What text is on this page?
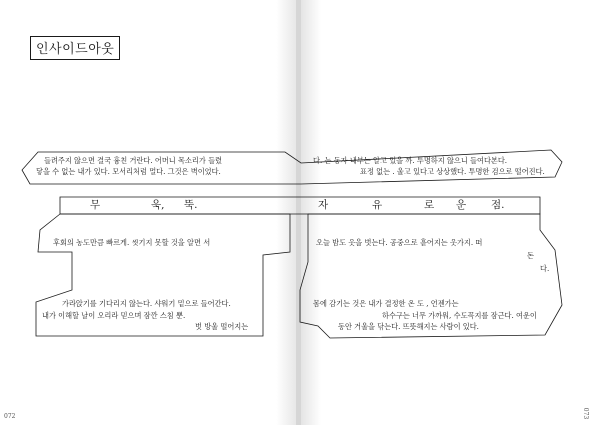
인사이드아웃
들려주지 않으면 결국 흉친 거란다. 어머니 목소리가 들렸
닿을 수 없는 내가 있다. 모서리처럼 멀다. 그것은 벽이었다.
다. 는 동자 내부는 알고 있을 까. 투명하지 않으니 들여다본다.
표정 없는 . 울고 있다고 상상했다. 투명한 검으로 떨어진다.
무	욱, 뚝.	자	유	로 운 점.
후회의 농도만큼 빠르게. 씻기지 못할 것을 알면 서	오늘 밤도 옷을 벗는다. 공중으로 흩어지는 옷가지. 떠
돈
다.
가라앉기를 기다리지 않는다. 샤워기 밑으로 들어간다.
내가 이해할 날이 오리라 믿으며 잠깐 스침 뿐.
벗 방울 떨어지는
몸에 감기는 것은 내가 결정한 온 도 , 언젠가는
하수구는 너무 가까워, 수도꼭지를 잠근다. 여운이
동안 거울을 닦는다. 뜨뜻해지는 사람이 있다.
072	073
